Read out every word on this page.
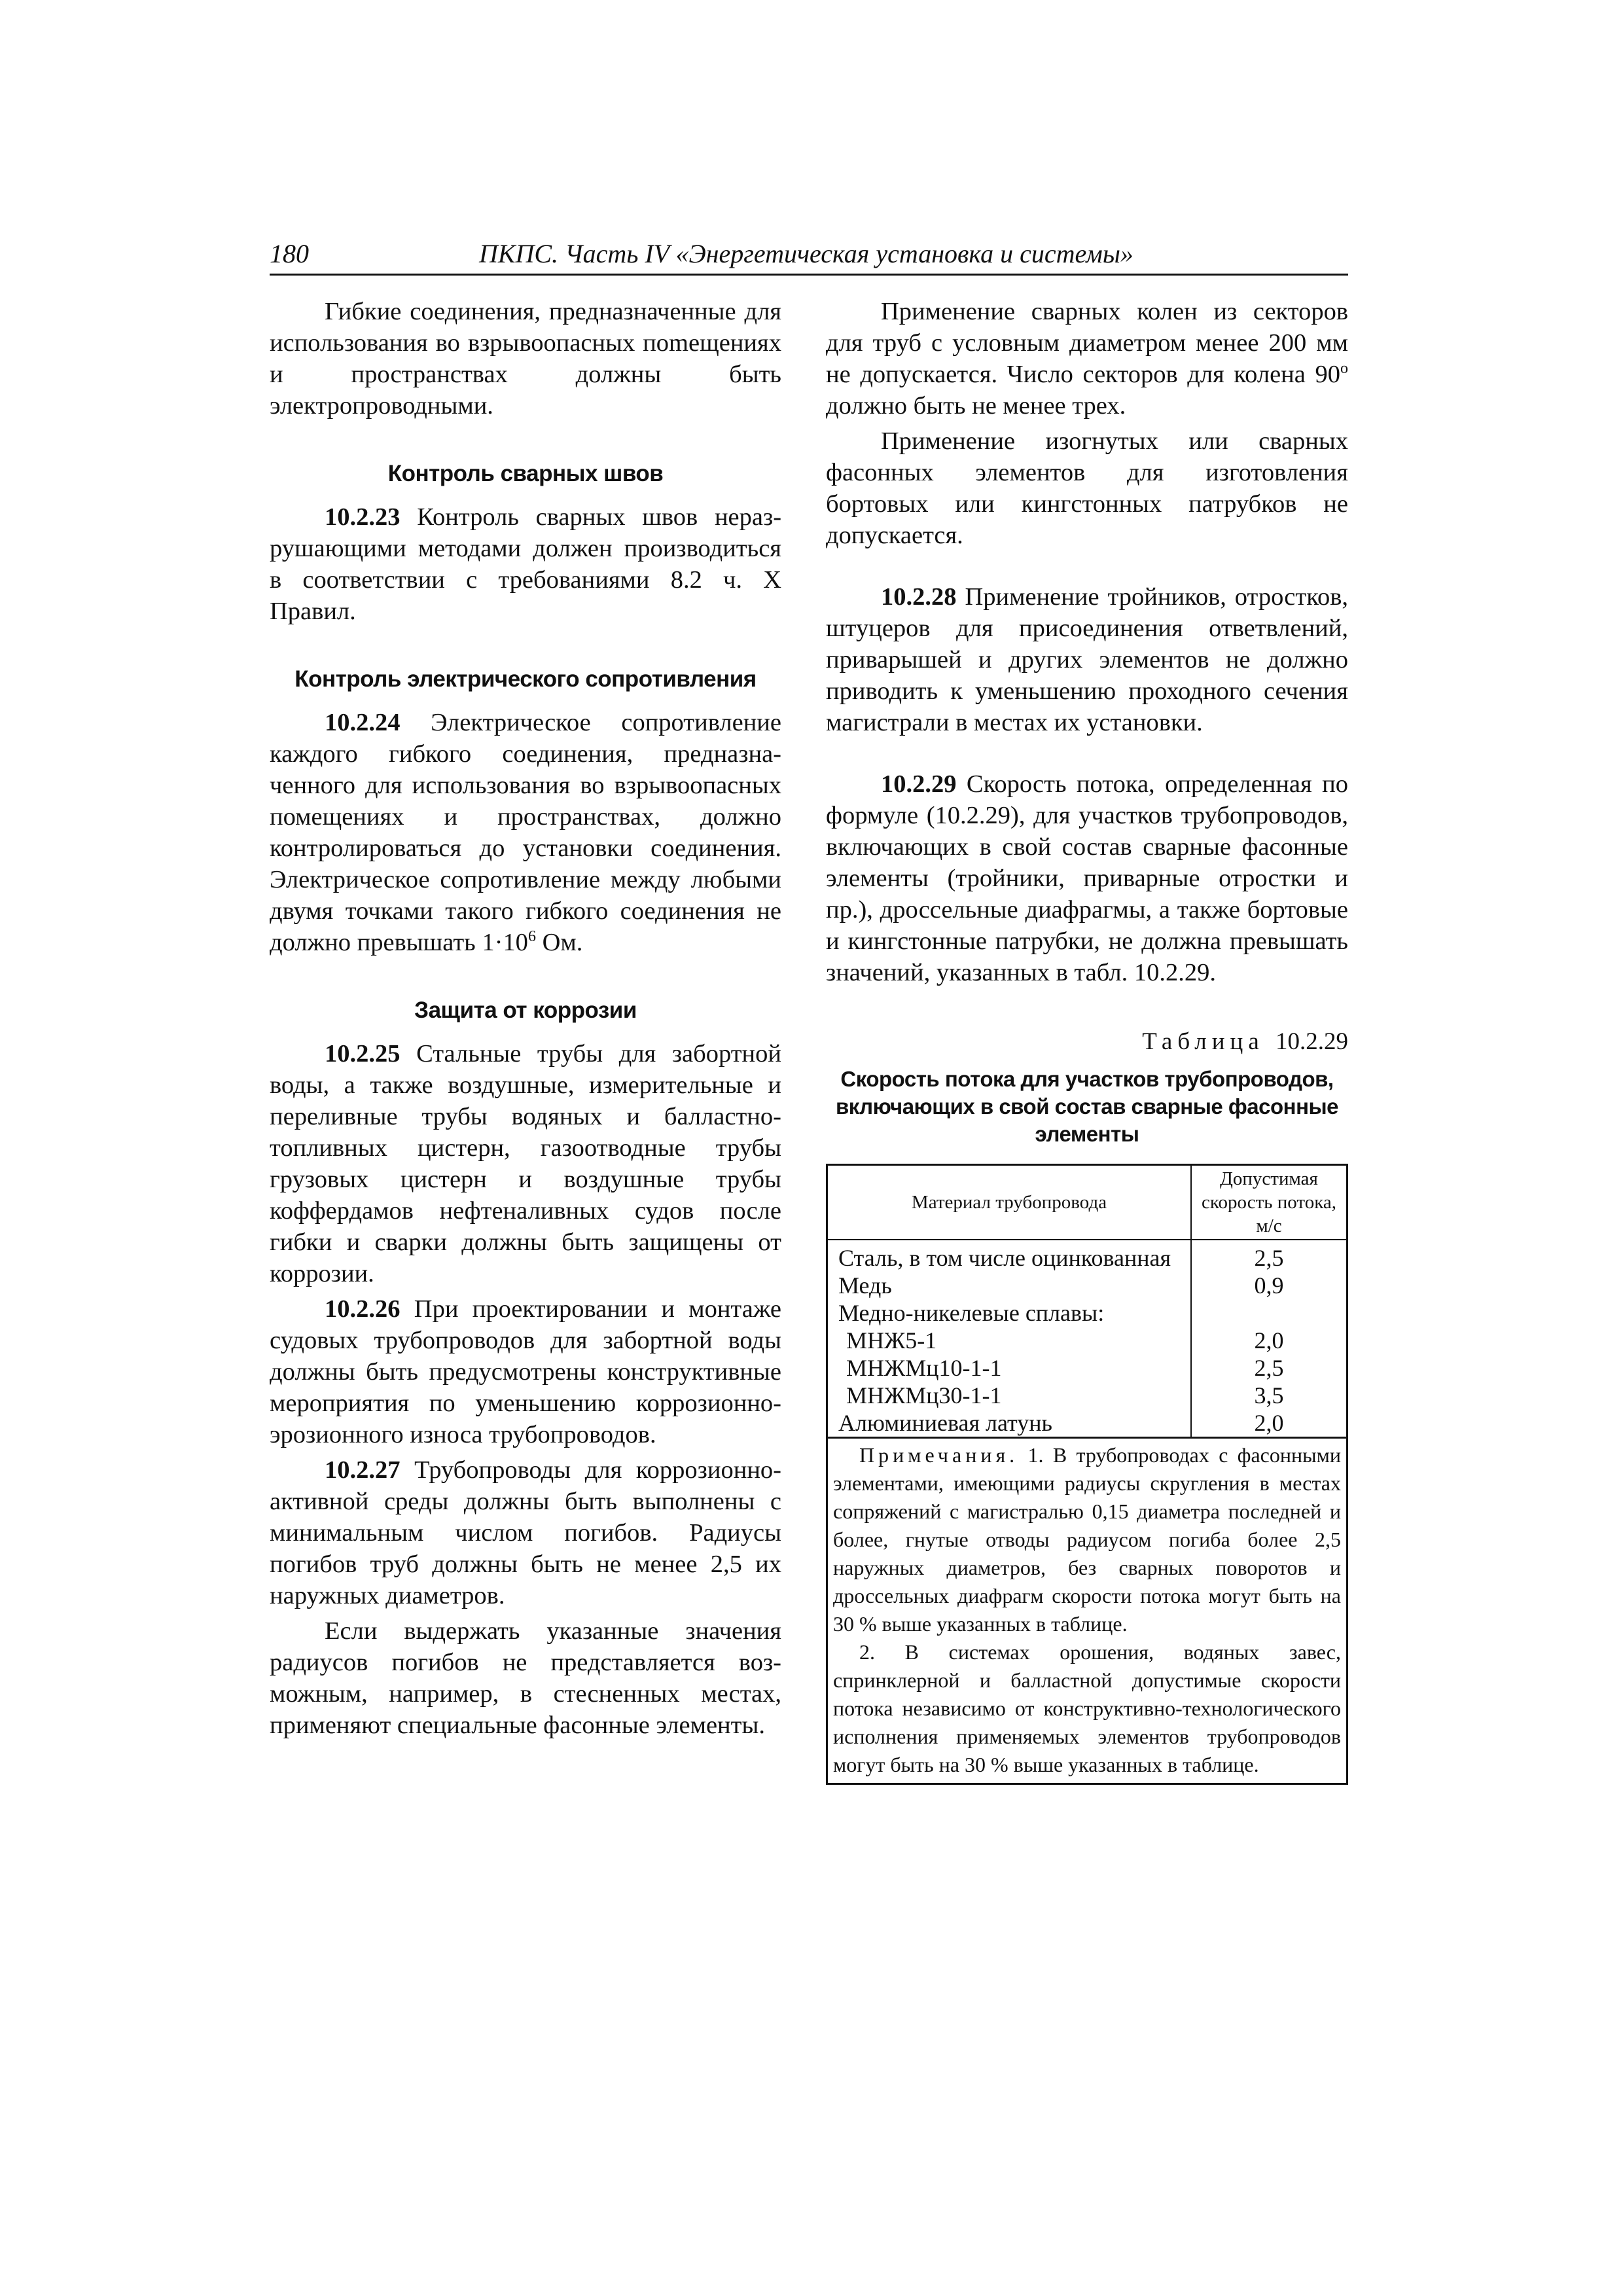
180	ПКПС. Часть IV «Энергетическая установка и системы»

Гибкие соединения, предназначенные для использования во взрывоопасных поmещениях и пространствах должны быть электропроводными.

Контроль сварных швов

10.2.23 Контроль сварных швов неразрушающими методами должен производиться в соответствии с требованиями 8.2 ч. X Правил.

Контроль электрического сопротивления

10.2.24 Электрическое сопротивление каждого гибкого соединения, предназначенного для использования во взрывоопасных помещениях и пространствах, должно контролироваться до установки соединения. Электрическое сопротивление между любыми двумя точками такого гибкого соединения не должно превышать $1\cdot 10^6$ Ом.

Защита от коррозии

10.2.25 Стальные трубы для забортной воды, а также воздушные, измерительные и переливные трубы водяных и балластно-топливных цистерн, газоотводные трубы грузовых цистерн и воздушные трубы коффердамов нефтеналивных судов после гибки и сварки должны быть защищены от коррозии.

10.2.26 При проектировании и монтаже судовых трубопроводов для забортной воды должны быть предусмотрены конструктивные мероприятия по уменьшению коррозионно-эрозионного износа трубопроводов.

10.2.27 Трубопроводы для коррозионно-активной среды должны быть выполнены с минимальным числом погибов. Радиусы погибов труб должны быть не менее 2,5 их наружных диаметров.

Если выдержать указанные значения радиусов погибов не представляется возможным, например, в стесненных местах, применяют специальные фасонные элементы.

Применение сварных колен из секторов для труб с условным диаметром менее 200 мм не допускается. Число секторов для колена $90^о$ должно быть не менее трех.

Применение изогнутых или сварных фасонных элементов для изготовления бортовых или кингстонных патрубков не допускается.

10.2.28 Применение тройников, отростков, штуцеров для присоединения ответвлений, приварышей и других элементов не должно приводить к уменьшению проходного сечения магистрали в местах их установки.

10.2.29 Скорость потока, определенная по формуле (10.2.29), для участков трубопроводов, включающих в свой состав сварные фасонные элементы (тройники, приварные отростки и пр.), дроссельные диафрагмы, а также бортовые и кингстонные патрубки, не должна превышать значений, указанных в табл. 10.2.29.

Таблица 10.2.29
Скорость потока для участков трубопроводов, включающих в свой состав сварные фасонные элементы
Материал трубопровода	Допустимая скорость потока, м/с
Сталь, в том числе оцинкованная	2,5
Медь	0,9
Медно-никелевые сплавы:	
МНЖ5-1	2,0
МНЖМц10-1-1	2,5
МНЖМц30-1-1	3,5
Алюминиевая латунь	2,0

Примечания. 1. В трубопроводах с фасонными элементами, имеющими радиусы скругления в местах сопряжений с магистралью 0,15 диаметра последней и более, гнутые отводы радиусом погиба более 2,5 наружных диаметров, без сварных поворотов и дроссельных диафрагм скорости потока могут быть на 30 % выше указанных в таблице.
2. В системах орошения, водяных завес, спринклерной и балластной допустимые скорости потока независимо от конструктивно-технологического исполнения применяемых элементов трубопроводов могут быть на 30 % выше указанных в таблице.	
